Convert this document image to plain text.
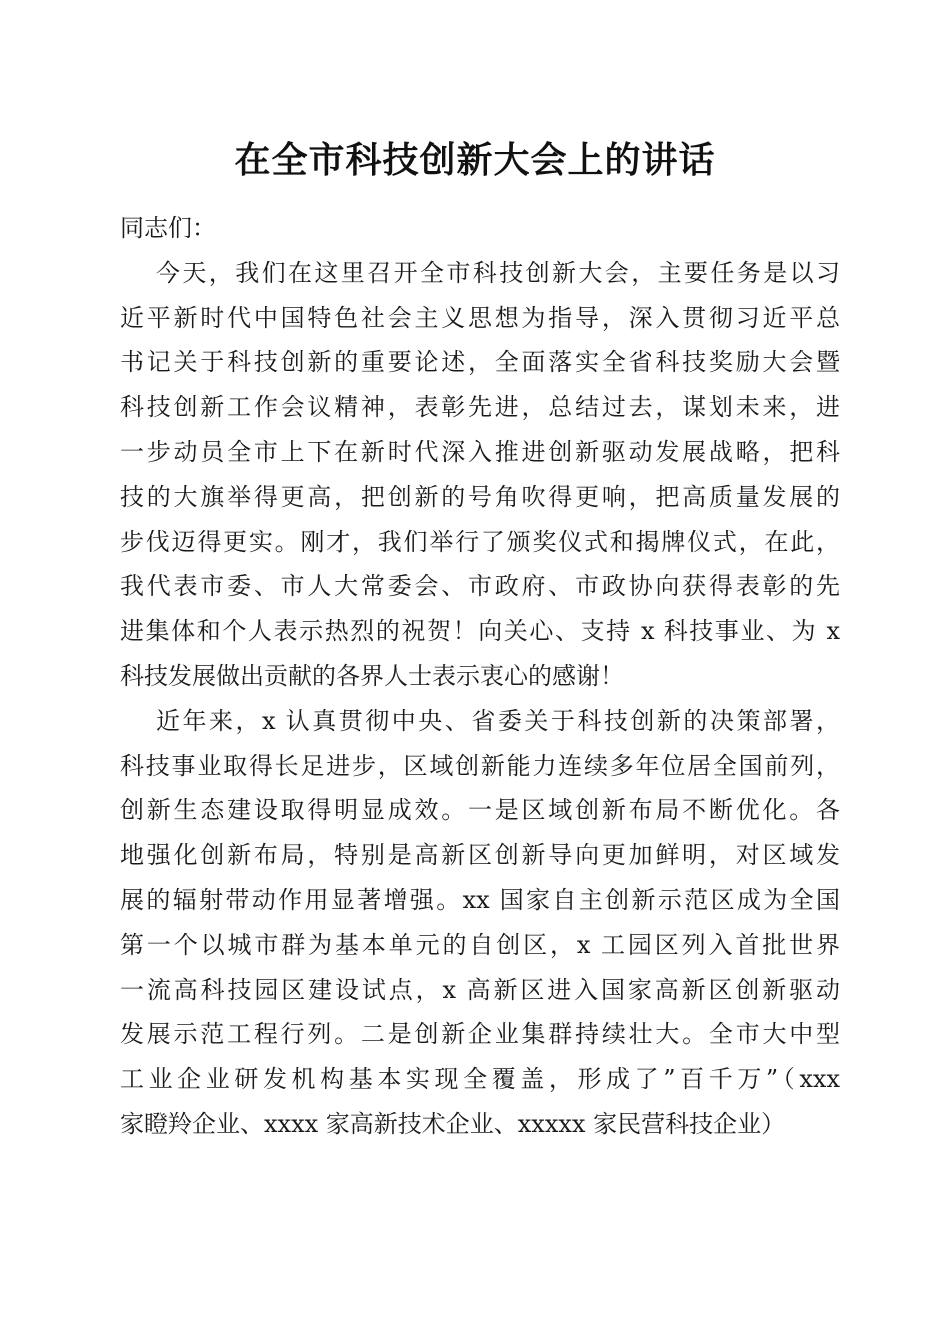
在全市科技创新大会上的讲话
同志们：
今天，我们在这里召开全市科技创新大会，主要任务是以习
近平新时代中国特色社会主义思想为指导，深入贯彻习近平总
书记关于科技创新的重要论述，全面落实全省科技奖励大会暨
科技创新工作会议精神，表彰先进，总结过去，谋划未来，进
一步动员全市上下在新时代深入推进创新驱动发展战略，把科
技的大旗举得更高，把创新的号角吹得更响，把高质量发展的
步伐迈得更实。刚才，我们举行了颁奖仪式和揭牌仪式，在此，
我代表市委、市人大常委会、市政府、市政协向获得表彰的先
进集体和个人表示热烈的祝贺！向关心、支持 x 科技事业、为 x
科技发展做出贡献的各界人士表示衷心的感谢！
近年来，x 认真贯彻中央、省委关于科技创新的决策部署，
科技事业取得长足进步，区域创新能力连续多年位居全国前列，
创新生态建设取得明显成效。一是区域创新布局不断优化。各
地强化创新布局，特别是高新区创新导向更加鲜明，对区域发
展的辐射带动作用显著增强。xx 国家自主创新示范区成为全国
第一个以城市群为基本单元的自创区，x 工园区列入首批世界
一流高科技园区建设试点，x 高新区进入国家高新区创新驱动
发展示范工程行列。二是创新企业集群持续壮大。全市大中型
工业企业研发机构基本实现全覆盖，形成了”百千万”（xxx
家瞪羚企业、xxxx 家高新技术企业、xxxxx 家民营科技企业）
